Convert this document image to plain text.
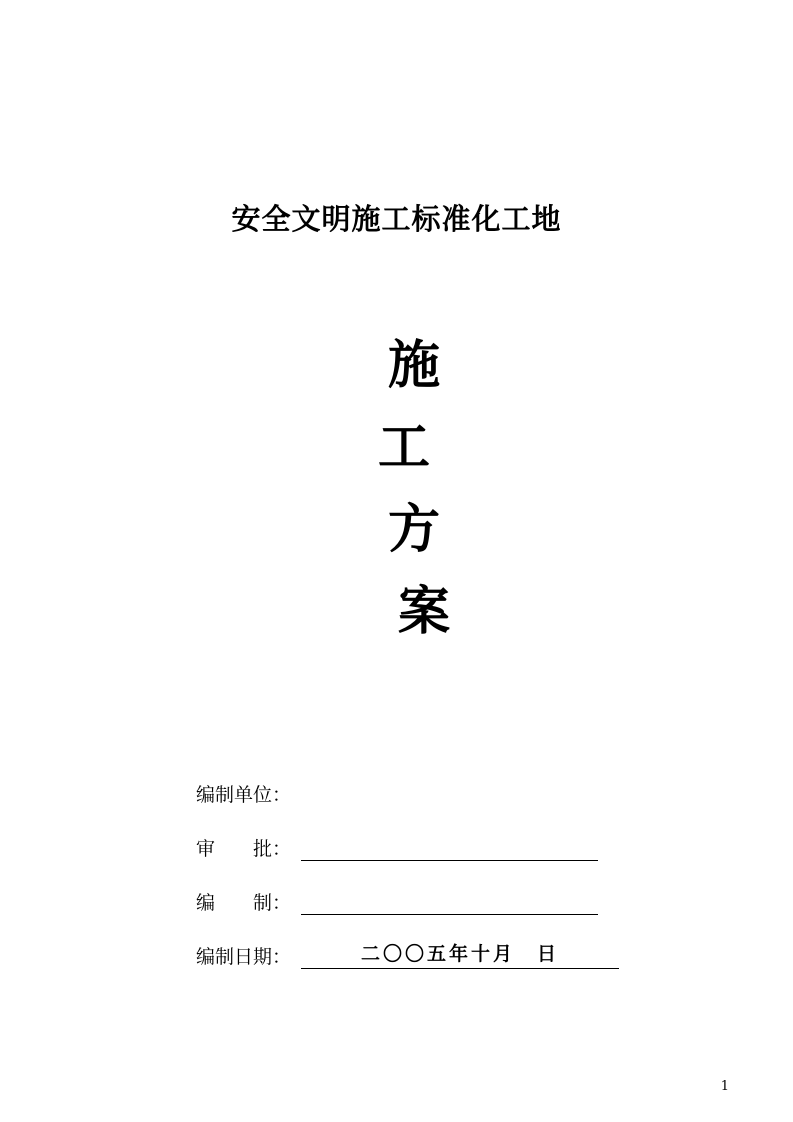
安全文明施工标准化工地
施
工
方
案
编制单位：
审　　批：
编　　制：
编制日期：	二〇〇五年十月　日
1
